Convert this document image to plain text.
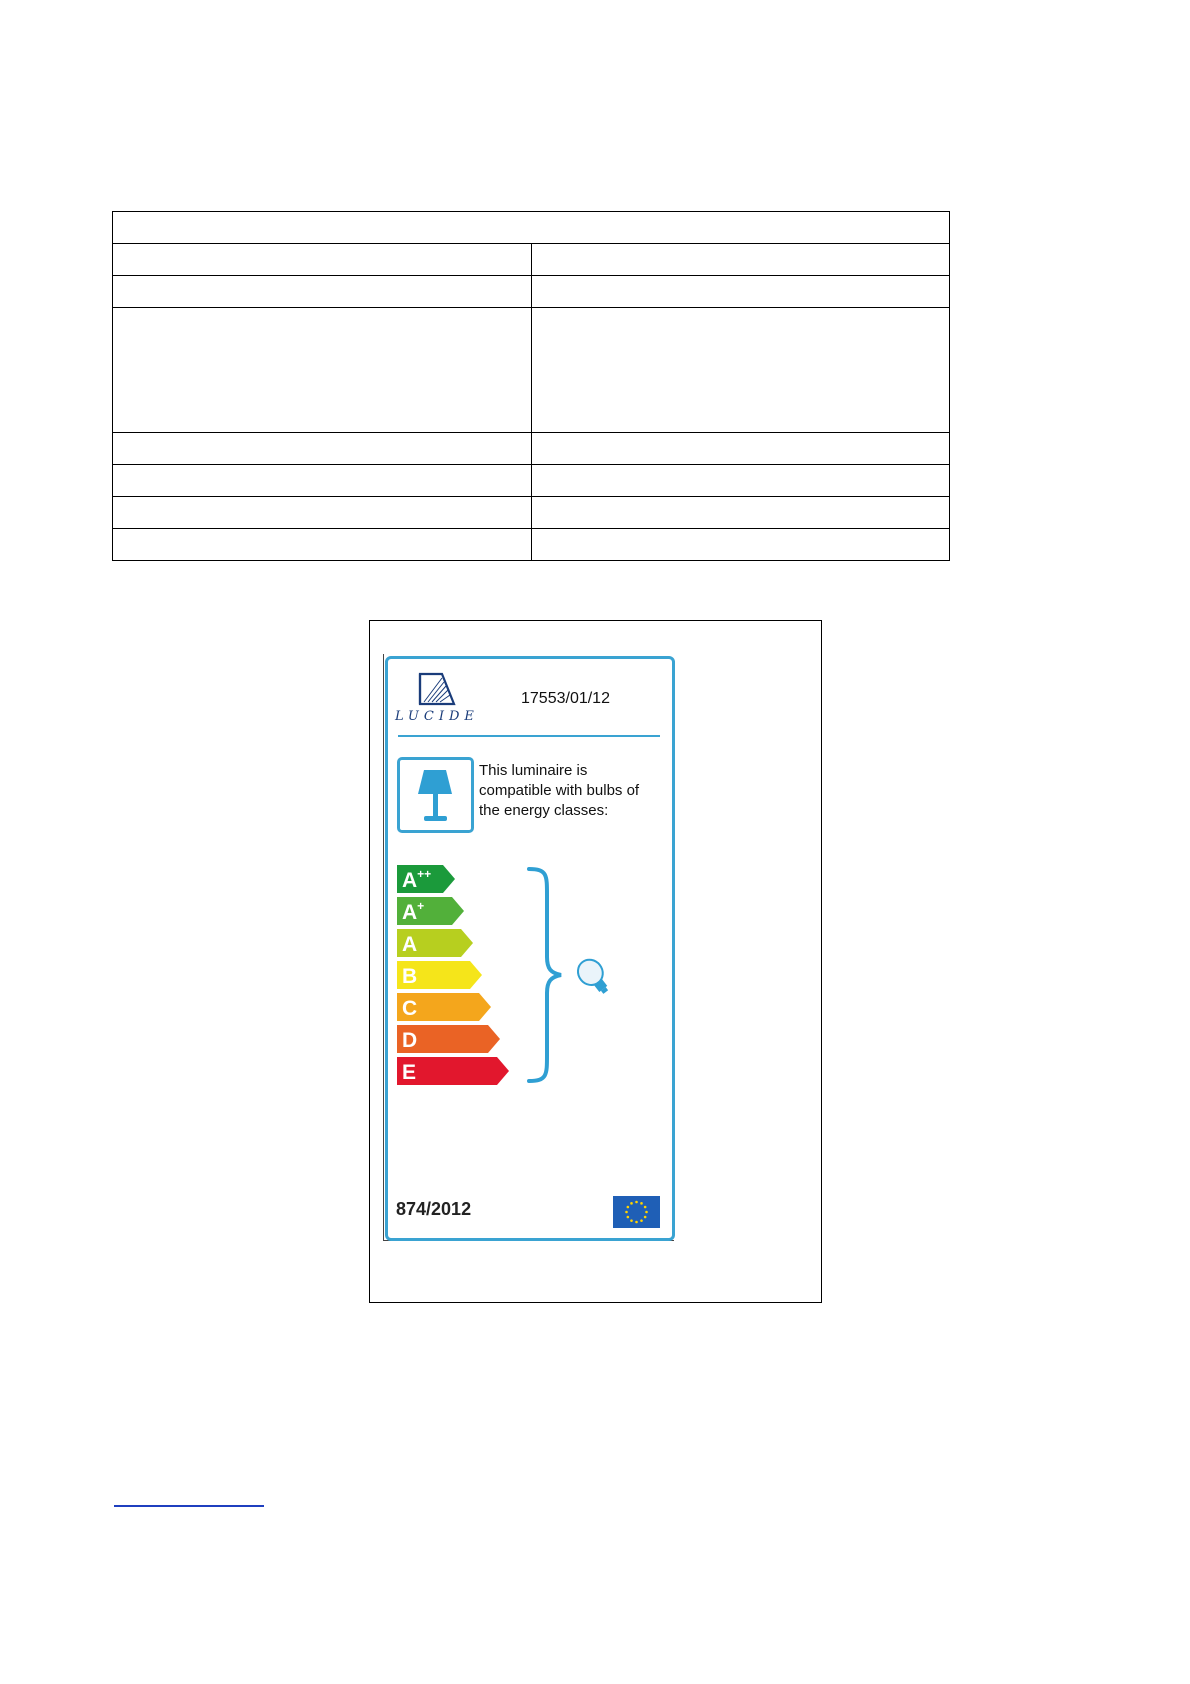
LUCIDE
17553/01/12
This luminaire is compatible with bulbs of the energy classes:
A++
A+
A
B
C
D
E
874/2012
